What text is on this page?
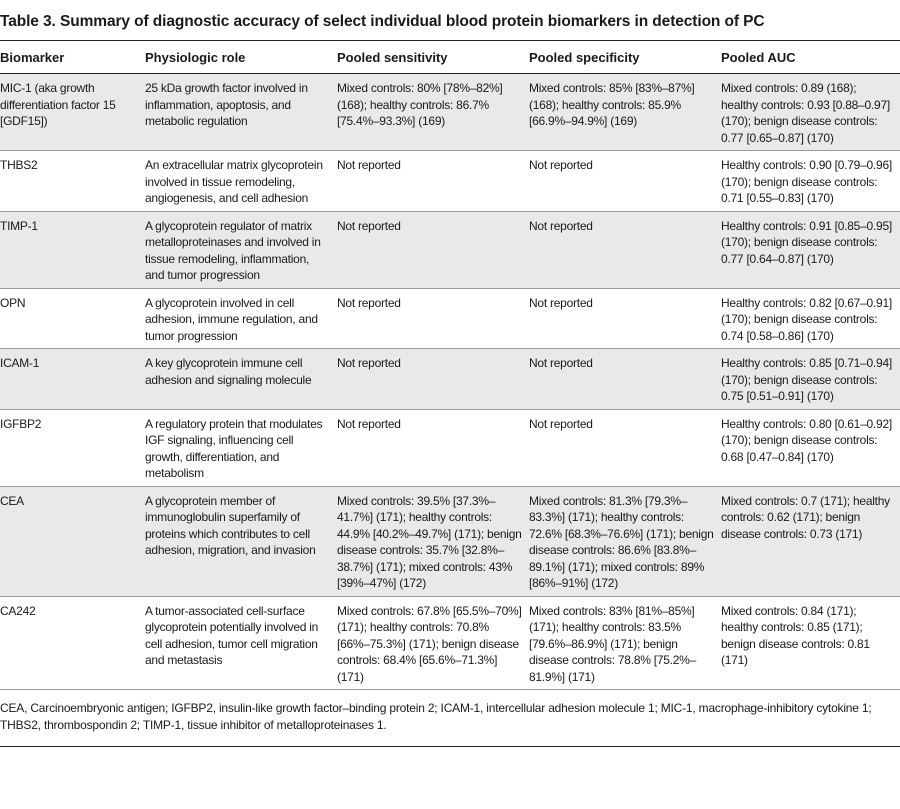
Table 3. Summary of diagnostic accuracy of select individual blood protein biomarkers in detection of PC
Biomarker	Physiologic role	Pooled sensitivity	Pooled specificity	Pooled AUC
MIC-1 (aka growth differentiation factor 15 [GDF15])	25 kDa growth factor involved in inflammation, apoptosis, and metabolic regulation	Mixed controls: 80% [78%–82%] (168); healthy controls: 86.7% [75.4%–93.3%] (169)	Mixed controls: 85% [83%–87%] (168); healthy controls: 85.9% [66.9%–94.9%] (169)	Mixed controls: 0.89 (168); healthy controls: 0.93 [0.88–0.97] (170); benign disease controls: 0.77 [0.65–0.87] (170)
THBS2	An extracellular matrix glycoprotein involved in tissue remodeling, angiogenesis, and cell adhesion	Not reported	Not reported	Healthy controls: 0.90 [0.79–0.96] (170); benign disease controls: 0.71 [0.55–0.83] (170)
TIMP-1	A glycoprotein regulator of matrix metalloproteinases and involved in tissue remodeling, inflammation, and tumor progression	Not reported	Not reported	Healthy controls: 0.91 [0.85–0.95] (170); benign disease controls: 0.77 [0.64–0.87] (170)
OPN	A glycoprotein involved in cell adhesion, immune regulation, and tumor progression	Not reported	Not reported	Healthy controls: 0.82 [0.67–0.91] (170); benign disease controls: 0.74 [0.58–0.86] (170)
ICAM-1	A key glycoprotein immune cell adhesion and signaling molecule	Not reported	Not reported	Healthy controls: 0.85 [0.71–0.94] (170); benign disease controls: 0.75 [0.51–0.91] (170)
IGFBP2	A regulatory protein that modulates IGF signaling, influencing cell growth, differentiation, and metabolism	Not reported	Not reported	Healthy controls: 0.80 [0.61–0.92] (170); benign disease controls: 0.68 [0.47–0.84] (170)
CEA	A glycoprotein member of immunoglobulin superfamily of proteins which contributes to cell adhesion, migration, and invasion	Mixed controls: 39.5% [37.3%–41.7%] (171); healthy controls: 44.9% [40.2%–49.7%] (171); benign disease controls: 35.7% [32.8%–38.7%] (171); mixed controls: 43% [39%–47%] (172)	Mixed controls: 81.3% [79.3%–83.3%] (171); healthy controls: 72.6% [68.3%–76.6%] (171); benign disease controls: 86.6% [83.8%–89.1%] (171); mixed controls: 89% [86%–91%] (172)	Mixed controls: 0.7 (171); healthy controls: 0.62 (171); benign disease controls: 0.73 (171)
CA242	A tumor-associated cell-surface glycoprotein potentially involved in cell adhesion, tumor cell migration and metastasis	Mixed controls: 67.8% [65.5%–70%] (171); healthy controls: 70.8% [66%–75.3%] (171); benign disease controls: 68.4% [65.6%–71.3%] (171)	Mixed controls: 83% [81%–85%] (171); healthy controls: 83.5% [79.6%–86.9%] (171); benign disease controls: 78.8% [75.2%–81.9%] (171)	Mixed controls: 0.84 (171); healthy controls: 0.85 (171); benign disease controls: 0.81 (171)
CEA, Carcinoembryonic antigen; IGFBP2, insulin-like growth factor–binding protein 2; ICAM-1, intercellular adhesion molecule 1; MIC-1, macrophage-inhibitory cytokine 1; THBS2, thrombospondin 2; TIMP-1, tissue inhibitor of metalloproteinases 1.
